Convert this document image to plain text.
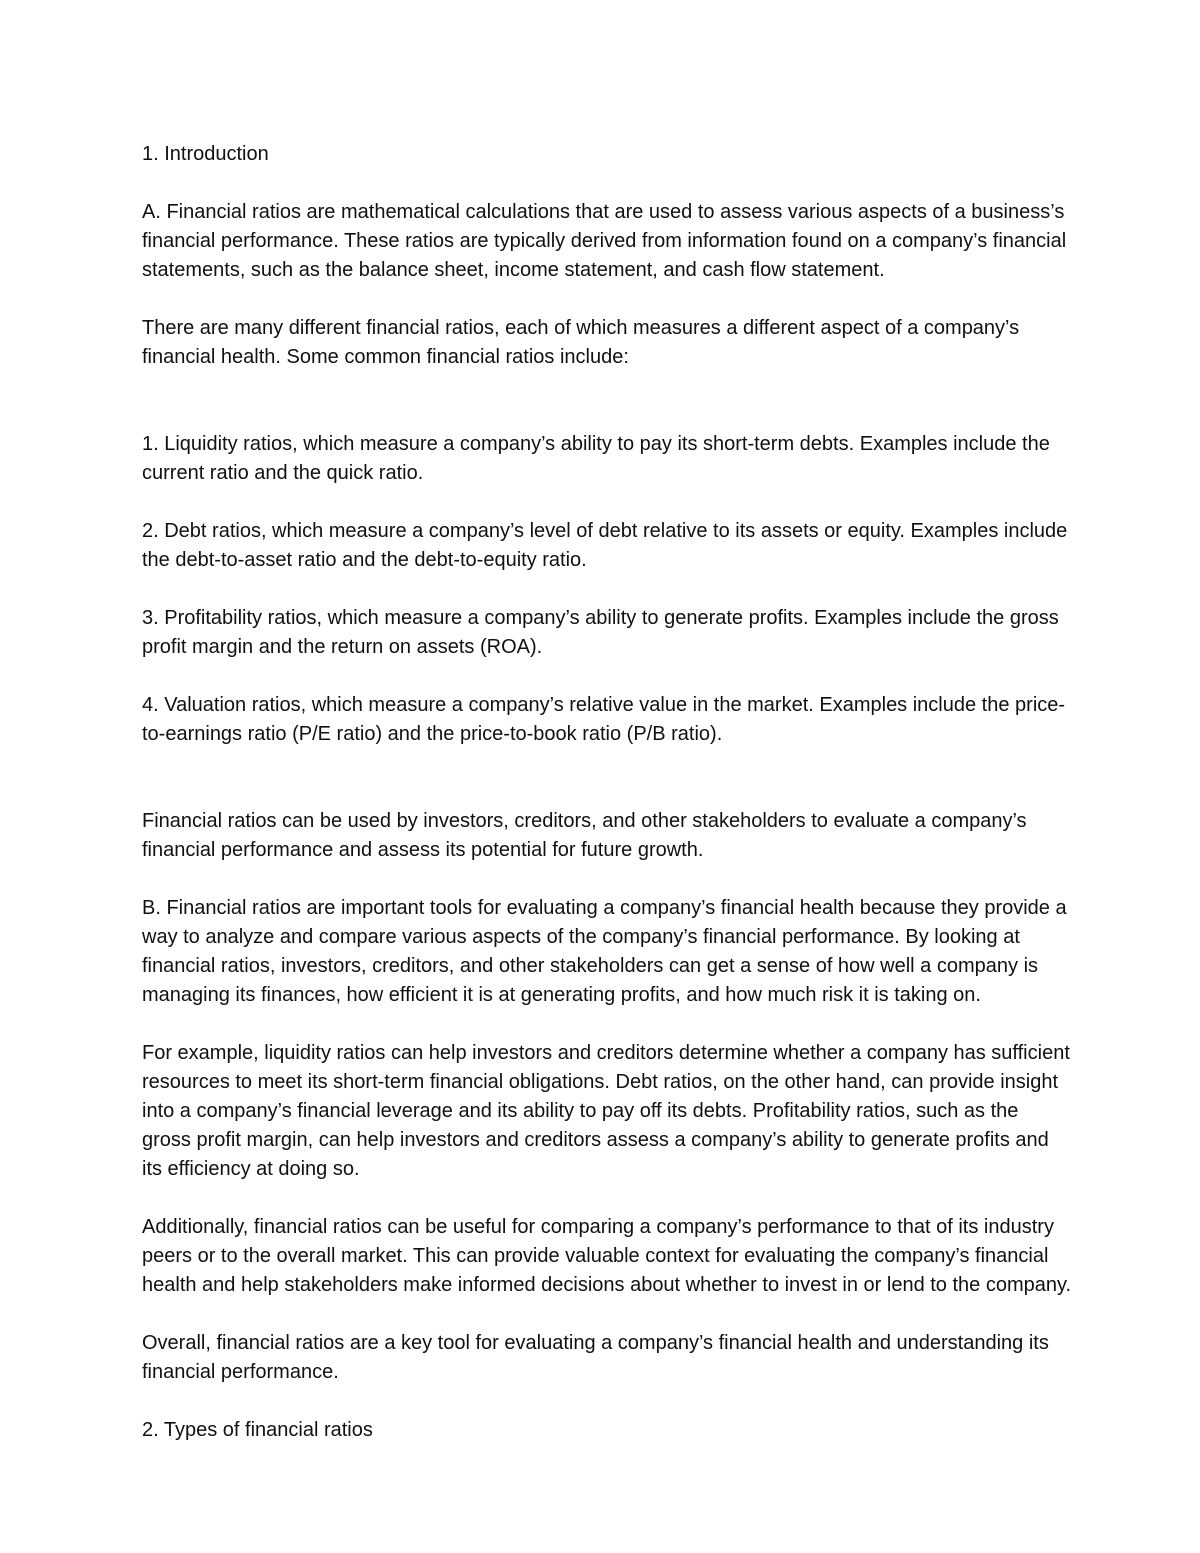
1. Introduction

A. Financial ratios are mathematical calculations that are used to assess various aspects of a business’s financial performance. These ratios are typically derived from information found on a company’s financial statements, such as the balance sheet, income statement, and cash flow statement.

There are many different financial ratios, each of which measures a different aspect of a company’s financial health. Some common financial ratios include:

1. Liquidity ratios, which measure a company’s ability to pay its short-term debts. Examples include the current ratio and the quick ratio.

2. Debt ratios, which measure a company’s level of debt relative to its assets or equity. Examples include the debt-to-asset ratio and the debt-to-equity ratio.

3. Profitability ratios, which measure a company’s ability to generate profits. Examples include the gross profit margin and the return on assets (ROA).

4. Valuation ratios, which measure a company’s relative value in the market. Examples include the price-to-earnings ratio (P/E ratio) and the price-to-book ratio (P/B ratio).

Financial ratios can be used by investors, creditors, and other stakeholders to evaluate a company’s financial performance and assess its potential for future growth.

B. Financial ratios are important tools for evaluating a company’s financial health because they provide a way to analyze and compare various aspects of the company’s financial performance. By looking at financial ratios, investors, creditors, and other stakeholders can get a sense of how well a company is managing its finances, how efficient it is at generating profits, and how much risk it is taking on.

For example, liquidity ratios can help investors and creditors determine whether a company has sufficient resources to meet its short-term financial obligations. Debt ratios, on the other hand, can provide insight into a company’s financial leverage and its ability to pay off its debts. Profitability ratios, such as the gross profit margin, can help investors and creditors assess a company’s ability to generate profits and its efficiency at doing so.

Additionally, financial ratios can be useful for comparing a company’s performance to that of its industry peers or to the overall market. This can provide valuable context for evaluating the company’s financial health and help stakeholders make informed decisions about whether to invest in or lend to the company.

Overall, financial ratios are a key tool for evaluating a company’s financial health and understanding its financial performance.

2. Types of financial ratios
